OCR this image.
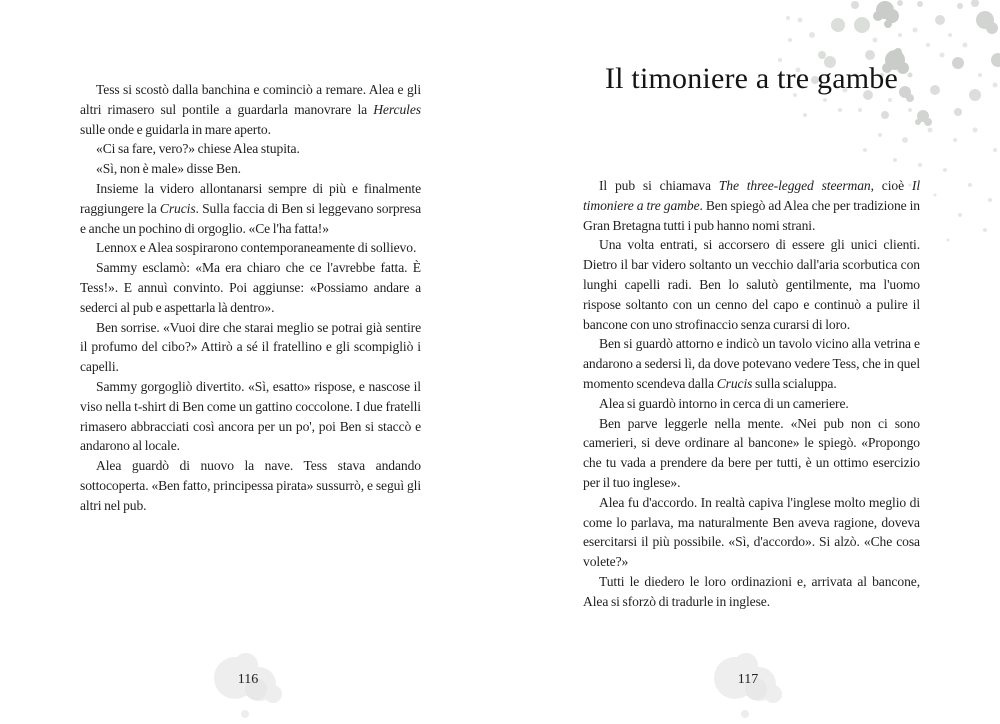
Tess si scostò dalla banchina e cominciò a remare. Alea e gli altri rimasero sul pontile a guardarla manovrare la Hercules sulle onde e guidarla in mare aperto.

«Ci sa fare, vero?» chiese Alea stupita.

«Sì, non è male» disse Ben.

Insieme la videro allontanarsi sempre di più e finalmente raggiungere la Crucis. Sulla faccia di Ben si leggevano sorpresa e anche un pochino di orgoglio. «Ce l'ha fatta!»

Lennox e Alea sospirarono contemporaneamente di sollievo.

Sammy esclamò: «Ma era chiaro che ce l'avrebbe fatta. È Tess!». E annuì convinto. Poi aggiunse: «Possiamo andare a sederci al pub e aspettarla là dentro».

Ben sorrise. «Vuoi dire che starai meglio se potrai già sentire il profumo del cibo?» Attirò a sé il fratellino e gli scompigliò i capelli.

Sammy gorgogliò divertito. «Sì, esatto» rispose, e nascose il viso nella t-shirt di Ben come un gattino coccolone. I due fratelli rimasero abbracciati così ancora per un po', poi Ben si staccò e andarono al locale.

Alea guardò di nuovo la nave. Tess stava andando sottocoperta. «Ben fatto, principessa pirata» sussurrò, e seguì gli altri nel pub.

Il timoniere a tre gambe

Il pub si chiamava The three-legged steerman, cioè Il timoniere a tre gambe. Ben spiegò ad Alea che per tradizione in Gran Bretagna tutti i pub hanno nomi strani.

Una volta entrati, si accorsero di essere gli unici clienti. Dietro il bar videro soltanto un vecchio dall'aria scorbutica con lunghi capelli radi. Ben lo salutò gentilmente, ma l'uomo rispose soltanto con un cenno del capo e continuò a pulire il bancone con uno strofinaccio senza curarsi di loro.

Ben si guardò attorno e indicò un tavolo vicino alla vetrina e andarono a sedersi lì, da dove potevano vedere Tess, che in quel momento scendeva dalla Crucis sulla scialuppa.

Alea si guardò intorno in cerca di un cameriere.

Ben parve leggerle nella mente. «Nei pub non ci sono camerieri, si deve ordinare al bancone» le spiegò. «Propongo che tu vada a prendere da bere per tutti, è un ottimo esercizio per il tuo inglese».

Alea fu d'accordo. In realtà capiva l'inglese molto meglio di come lo parlava, ma naturalmente Ben aveva ragione, doveva esercitarsi il più possibile. «Sì, d'accordo». Si alzò. «Che cosa volete?»

Tutti le diedero le loro ordinazioni e, arrivata al bancone, Alea si sforzò di tradurle in inglese.

116	117
